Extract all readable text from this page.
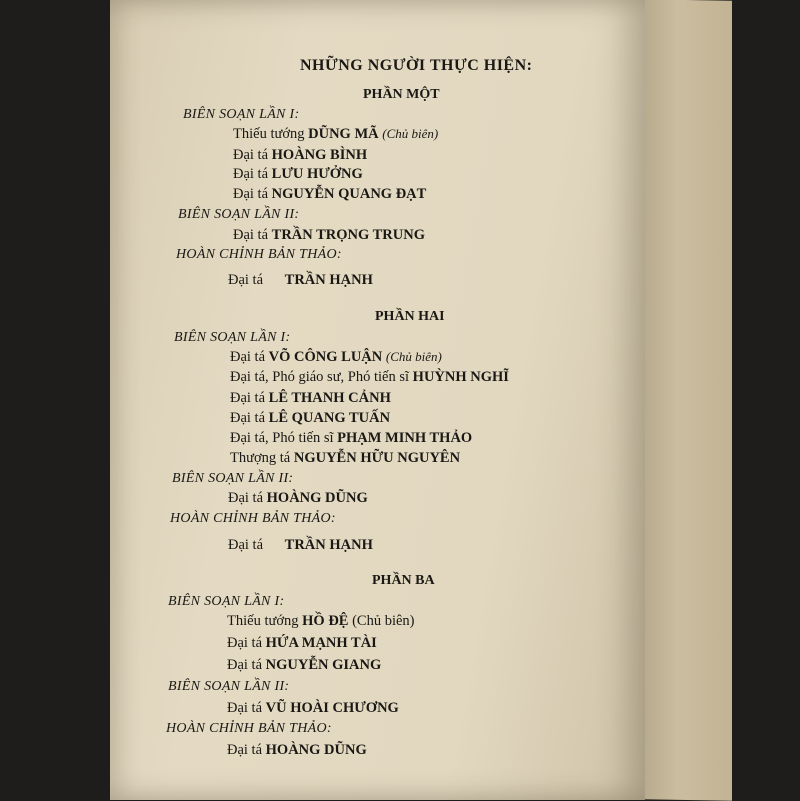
NHỮNG NGƯỜI THỰC HIỆN:
PHẦN MỘT
BIÊN SOẠN LẦN I:
Thiếu tướng DŨNG MÃ (Chủ biên)
Đại tá HOÀNG BÌNH
Đại tá LƯU HƯỞNG
Đại tá NGUYỄN QUANG ĐẠT
BIÊN SOẠN LẦN II:
Đại tá TRẦN TRỌNG TRUNG
HOÀN CHỈNH BẢN THẢO:
Đại tá TRẦN HẠNH
PHẦN HAI
BIÊN SOẠN LẦN I:
Đại tá VÕ CÔNG LUẬN (Chủ biên)
Đại tá, Phó giáo sư, Phó tiến sĩ HUỲNH NGHĨ
Đại tá LÊ THANH CẢNH
Đại tá LÊ QUANG TUẤN
Đại tá, Phó tiến sĩ PHẠM MINH THẢO
Thượng tá NGUYỄN HỮU NGUYÊN
BIÊN SOẠN LẦN II:
Đại tá HOÀNG DŨNG
HOÀN CHỈNH BẢN THẢO:
Đại tá TRẦN HẠNH
PHẦN BA
BIÊN SOẠN LẦN I:
Thiếu tướng HỒ ĐỆ (Chủ biên)
Đại tá HỨA MẠNH TÀI
Đại tá NGUYỄN GIANG
BIÊN SOẠN LẦN II:
Đại tá VŨ HOÀI CHƯƠNG
HOÀN CHỈNH BẢN THẢO:
Đại tá HOÀNG DŨNG
